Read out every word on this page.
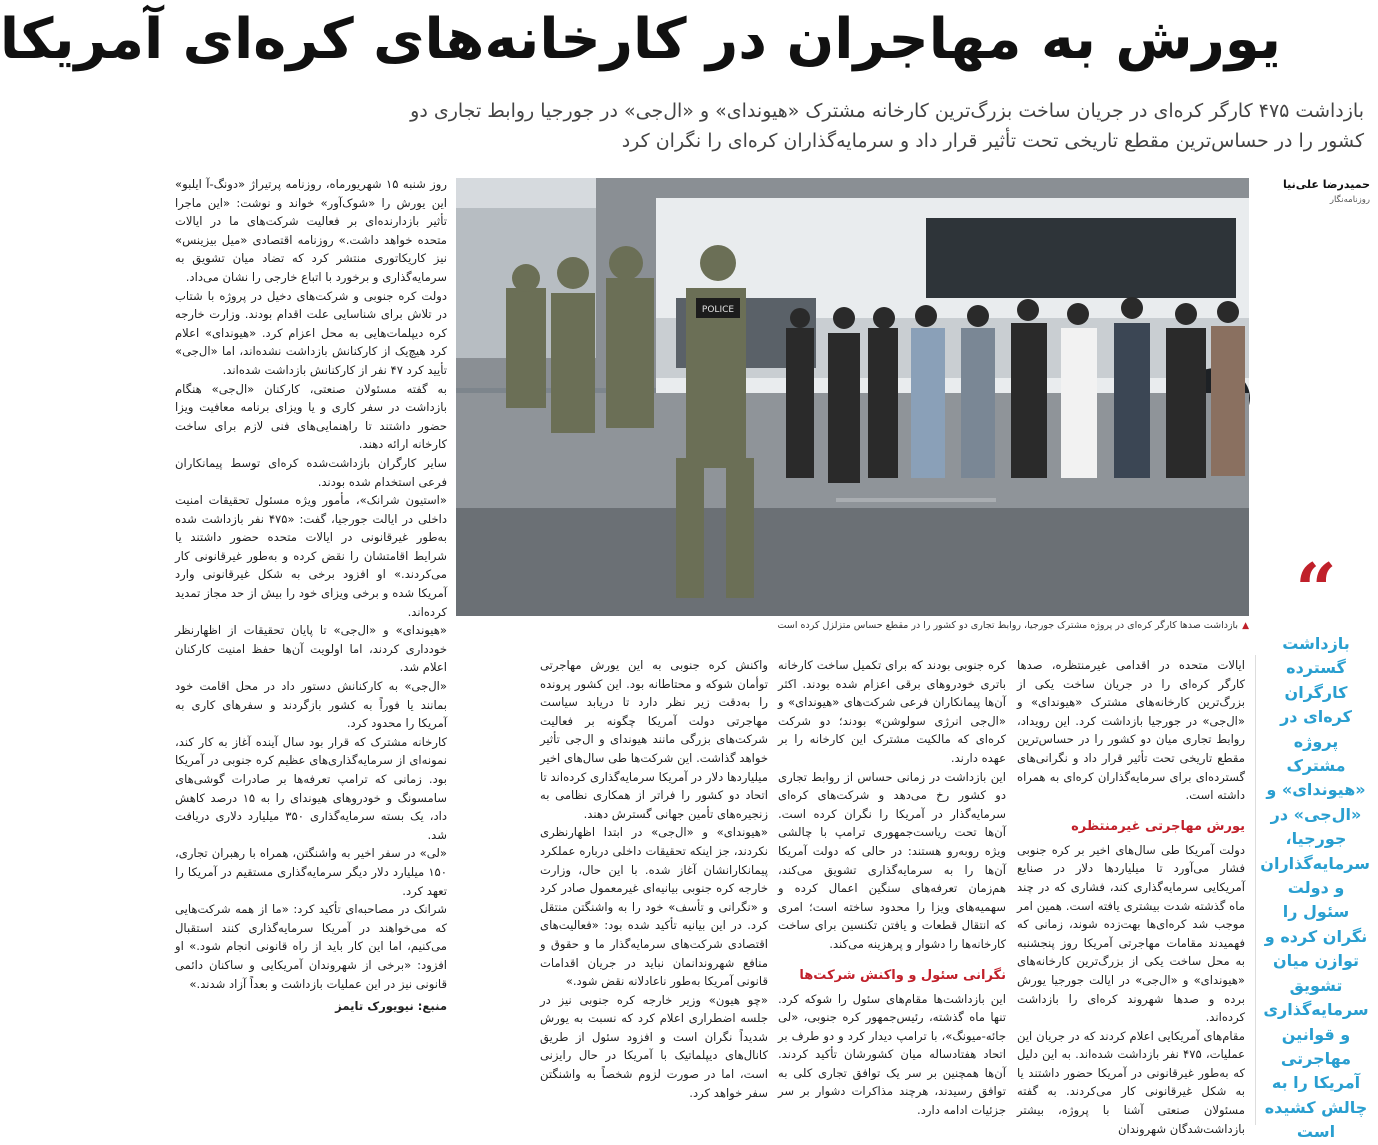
یورش به مهاجران در کارخانه‌های کره‌ای آمریکا
بازداشت ۴۷۵ کارگر کره‌ای در جریان ساخت بزرگ‌ترین کارخانه مشترک «هیوندای» و «ال‌جی» در جورجیا روابط تجاری دو کشور را در حساس‌ترین مقطع تاریخی تحت تأثیر قرار داد و سرمایه‌گذاران کره‌ای را نگران کرد
حمیدرضا علی‌نیا
روزنامه‌نگار
POLICE
▲بازداشت صدها کارگر کره‌ای در پروژه مشترک جورجیا، روابط تجاری دو کشور را در مقطع حساس متزلزل کرده است “
بازداشت گسترده کارگران کره‌ای در پروژه مشترک «هیوندای» و «ال‌جی» در جورجیا، سرمایه‌گذاران و دولت سئول را نگران کرده و توازن میان تشویق سرمایه‌گذاری و قوانین مهاجرتی آمریکا را به چالش کشیده است

ایالات متحده در اقدامی غیرمنتظره، صدها کارگر کره‌ای را در جریان ساخت یکی از بزرگ‌ترین کارخانه‌های مشترک «هیوندای» و «ال‌جی» در جورجیا بازداشت کرد. این رویداد، روابط تجاری میان دو کشور را در حساس‌ترین مقطع تاریخی تحت تأثیر قرار داد و نگرانی‌های گسترده‌ای برای سرمایه‌گذاران کره‌ای به همراه داشته است.

یورش مهاجرتی غیرمنتظره

دولت آمریکا طی سال‌های اخیر بر کره جنوبی فشار می‌آورد تا میلیاردها دلار در صنایع آمریکایی سرمایه‌گذاری کند، فشاری که در چند ماه گذشته شدت بیشتری یافته است. همین امر موجب شد کره‌ای‌ها بهت‌زده شوند، زمانی که فهمیدند مقامات مهاجرتی آمریکا روز پنجشنبه به محل ساخت یکی از بزرگ‌ترین کارخانه‌های «هیوندای» و «ال‌جی» در ایالت جورجیا یورش برده و صدها شهروند کره‌ای را بازداشت کرده‌اند.

مقام‌های آمریکایی اعلام کردند که در جریان این عملیات، ۴۷۵ نفر بازداشت شده‌اند. به این دلیل که به‌طور غیرقانونی در آمریکا حضور داشتند یا به شکل غیرقانونی کار می‌کردند. به گفته مسئولان صنعتی آشنا با پروژه، بیشتر بازداشت‌شدگان شهروندان

کره جنوبی بودند که برای تکمیل ساخت کارخانه باتری خودروهای برقی اعزام شده بودند. اکثر آن‌ها پیمانکاران فرعی شرکت‌های «هیوندای» و «ال‌جی انرژی سولوشن» بودند؛ دو شرکت کره‌ای که مالکیت مشترک این کارخانه را بر عهده دارند.

این بازداشت در زمانی حساس از روابط تجاری دو کشور رخ می‌دهد و شرکت‌های کره‌ای سرمایه‌گذار در آمریکا را نگران کرده است. آن‌ها تحت ریاست‌جمهوری ترامپ با چالشی ویژه روبه‌رو هستند: در حالی که دولت آمریکا آن‌ها را به سرمایه‌گذاری تشویق می‌کند، هم‌زمان تعرفه‌های سنگین اعمال کرده و سهمیه‌های ویزا را محدود ساخته است؛ امری که انتقال قطعات و یافتن تکنسین برای ساخت کارخانه‌ها را دشوار و پرهزینه می‌کند.

نگرانی سئول و واکنش شرکت‌ها

این بازداشت‌ها مقام‌های سئول را شوکه کرد. تنها ماه گذشته، رئیس‌جمهور کره جنوبی، «لی جائه-میونگ»، با ترامپ دیدار کرد و دو طرف بر اتحاد هفتادساله میان کشورشان تأکید کردند. آن‌ها همچنین بر سر یک توافق تجاری کلی به توافق رسیدند، هرچند مذاکرات دشوار بر سر جزئیات ادامه دارد.

واکنش کره جنوبی به این یورش مهاجرتی توأمان شوکه و محتاطانه بود. این کشور پرونده را به‌دقت زیر نظر دارد تا دریابد سیاست مهاجرتی دولت آمریکا چگونه بر فعالیت شرکت‌های بزرگی مانند هیوندای و ال‌جی تأثیر خواهد گذاشت. این شرکت‌ها طی سال‌های اخیر میلیاردها دلار در آمریکا سرمایه‌گذاری کرده‌اند تا اتحاد دو کشور را فراتر از همکاری نظامی به زنجیره‌های تأمین جهانی گسترش دهند.

«هیوندای» و «ال‌جی» در ابتدا اظهارنظری نکردند، جز اینکه تحقیقات داخلی درباره عملکرد پیمانکارانشان آغاز شده. با این حال، وزارت خارجه کره جنوبی بیانیه‌ای غیرمعمول صادر کرد و «نگرانی و تأسف» خود را به واشنگتن منتقل کرد. در این بیانیه تأکید شده بود: «فعالیت‌های اقتصادی شرکت‌های سرمایه‌گذار ما و حقوق و منافع شهروندانمان نباید در جریان اقدامات قانونی آمریکا به‌طور ناعادلانه نقض شود.»

«چو هیون» وزیر خارجه کره جنوبی نیز در جلسه اضطراری اعلام کرد که نسبت به یورش شدیداً نگران است و افزود سئول از طریق کانال‌های دیپلماتیک با آمریکا در حال رایزنی است، اما در صورت لزوم شخصاً به واشنگتن سفر خواهد کرد.

روز شنبه ۱۵ شهریورماه، روزنامه پرتیراژ «دونگ-آ ایلبو» این یورش را «شوک‌آور» خواند و نوشت: «این ماجرا تأثیر بازدارنده‌ای بر فعالیت شرکت‌های ما در ایالات متحده خواهد داشت.» روزنامه اقتصادی «میل بیزینس» نیز کاریکاتوری منتشر کرد که تضاد میان تشویق به سرمایه‌گذاری و برخورد با اتباع خارجی را نشان می‌داد.

دولت کره جنوبی و شرکت‌های دخیل در پروژه با شتاب در تلاش برای شناسایی علت اقدام بودند. وزارت خارجه کره دیپلمات‌هایی به محل اعزام کرد. «هیوندای» اعلام کرد هیچ‌یک از کارکنانش بازداشت نشده‌اند، اما «ال‌جی» تأیید کرد ۴۷ نفر از کارکنانش بازداشت شده‌اند.

به گفته مسئولان صنعتی، کارکنان «ال‌جی» هنگام بازداشت در سفر کاری و یا ویزای برنامه معافیت ویزا حضور داشتند تا راهنمایی‌های فنی لازم برای ساخت کارخانه ارائه دهند.

سایر کارگران بازداشت‌شده کره‌ای توسط پیمانکاران فرعی استخدام شده بودند.

«استیون شرانک»، مأمور ویژه مسئول تحقیقات امنیت داخلی در ایالت جورجیا، گفت: «۴۷۵ نفر بازداشت شده به‌طور غیرقانونی در ایالات متحده حضور داشتند یا شرایط اقامتشان را نقض کرده و به‌طور غیرقانونی کار می‌کردند.» او افزود برخی به شکل غیرقانونی وارد آمریکا شده و برخی ویزای خود را بیش از حد مجاز تمدید کرده‌اند.

«هیوندای» و «ال‌جی» تا پایان تحقیقات از اظهارنظر خودداری کردند، اما اولویت آن‌ها حفظ امنیت کارکنان اعلام شد.

«ال‌جی» به کارکنانش دستور داد در محل اقامت خود بمانند یا فوراً به کشور بازگردند و سفرهای کاری به آمریکا را محدود کرد.

کارخانه مشترک که قرار بود سال آینده آغاز به کار کند، نمونه‌ای از سرمایه‌گذاری‌های عظیم کره جنوبی در آمریکا بود. زمانی که ترامپ تعرفه‌ها بر صادرات گوشی‌های سامسونگ و خودروهای هیوندای را به ۱۵ درصد کاهش داد، یک بسته سرمایه‌گذاری ۳۵۰ میلیارد دلاری دریافت شد.

«لی» در سفر اخیر به واشنگتن، همراه با رهبران تجاری، ۱۵۰ میلیارد دلار دیگر سرمایه‌گذاری مستقیم در آمریکا را تعهد کرد.

شرانک در مصاحبه‌ای تأکید کرد: «ما از همه شرکت‌هایی که می‌خواهند در آمریکا سرمایه‌گذاری کنند استقبال می‌کنیم، اما این کار باید از راه قانونی انجام شود.» او افزود: «برخی از شهروندان آمریکایی و ساکنان دائمی قانونی نیز در این عملیات بازداشت و بعداً آزاد شدند.»

منبع: نیویورک تایمز
